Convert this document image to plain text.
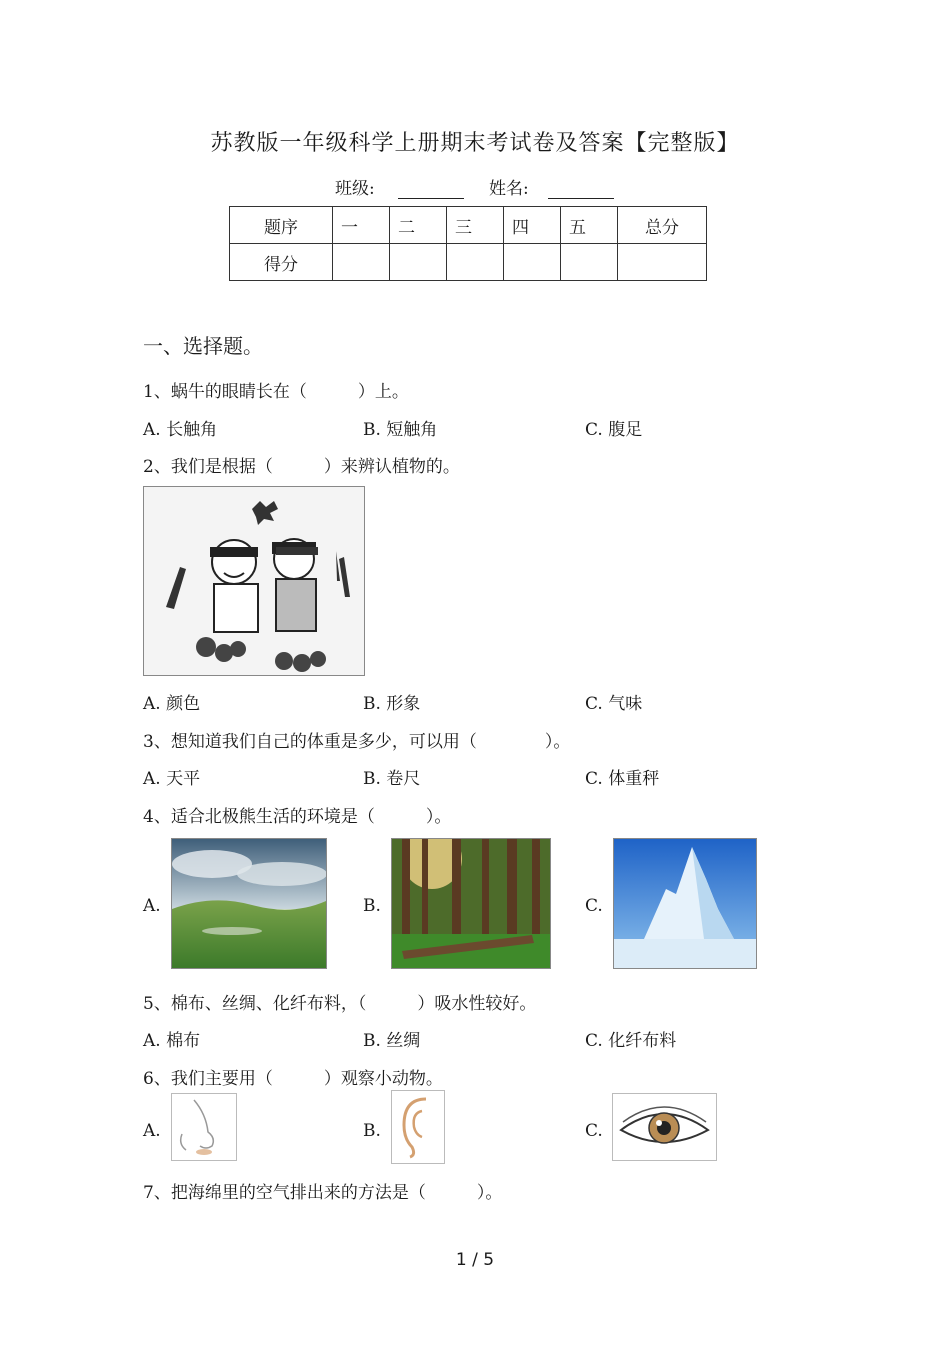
苏教版一年级科学上册期末考试卷及答案【完整版】
班级:	姓名:
题序	一	二	三	四	五	总分
得分						
一、选择题。
1、蜗牛的眼睛长在（　　　）上。
A. 长触角	B. 短触角	C. 腹足
2、我们是根据（　　　）来辨认植物的。
A. 颜色	B. 形象	C. 气味
3、想知道我们自己的体重是多少，可以用（　　　　）。
A. 天平	B. 卷尺	C. 体重秤
4、适合北极熊生活的环境是（　　　）。
A.	B.	C.
5、棉布、丝绸、化纤布料，（　　　）吸水性较好。
A. 棉布	B. 丝绸	C. 化纤布料
6、我们主要用（　　　）观察小动物。
A.	B.	C.
7、把海绵里的空气排出来的方法是（　　　）。
1 / 5
